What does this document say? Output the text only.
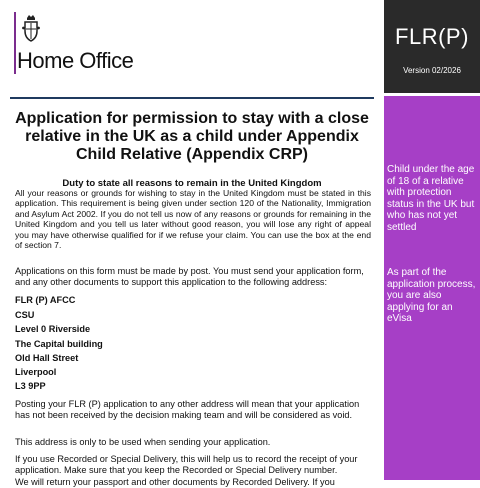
Home Office
Application for permission to stay with a close relative in the UK as a child under Appendix Child Relative (Appendix CRP)
Duty to state all reasons to remain in the United Kingdom
All your reasons or grounds for wishing to stay in the United Kingdom must be stated in this application. This requirement is being given under section 120 of the Nationality, Immigration and Asylum Act 2002. If you do not tell us now of any reasons or grounds for remaining in the United Kingdom and you tell us later without good reason, you will lose any right of appeal you may have otherwise qualified for if we refuse your claim. You can use the box at the end of section 7.
Applications on this form must be made by post. You must send your application form, and any other documents to support this application to the following address:
FLR (P) AFCC
CSU
Level 0 Riverside
The Capital building
Old Hall Street
Liverpool
L3 9PP
Posting your FLR (P) application to any other address will mean that your application has not been received by the decision making team and will be considered as void.
This address is only to be used when sending your application.
If you use Recorded or Special Delivery, this will help us to record the receipt of your application. Make sure that you keep the Recorded or Special Delivery number.
We will return your passport and other documents by Recorded Delivery. If you
FLR(P)
Version 02/2026
Child under the age of 18 of a relative with protection status in the UK but who has not yet settled
As part of the application process, you are also applying for an eVisa
